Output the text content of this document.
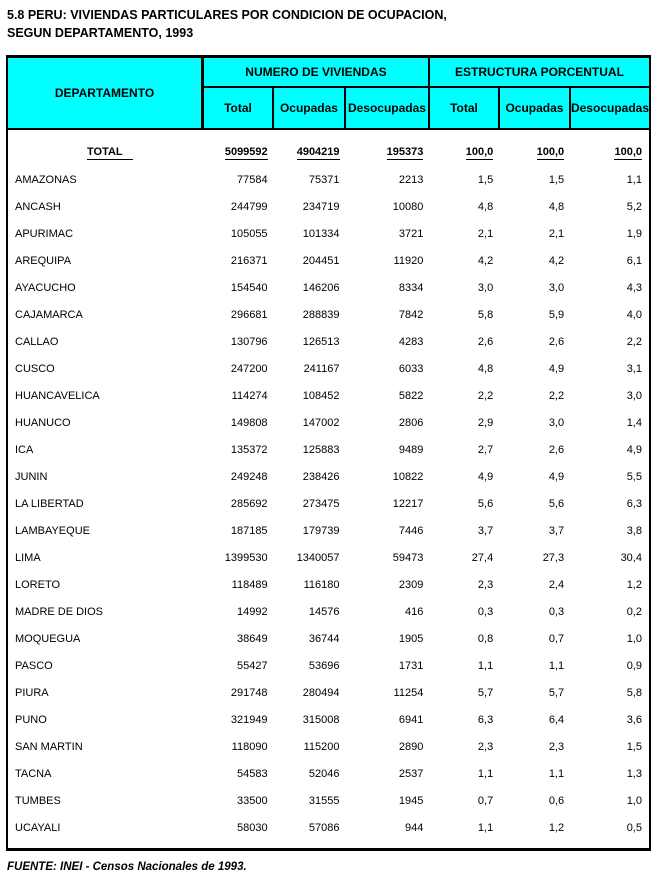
5.8 PERU: VIVIENDAS PARTICULARES POR CONDICION DE OCUPACION,
SEGUN DEPARTAMENTO, 1993
DEPARTAMENTO
NUMERO DE VIVIENDAS	ESTRUCTURA PORCENTUAL
Total	Ocupadas Desocupadas	Total	Ocupadas Desocupadas
TOTAL	5099592	4904219	195373	100,0	100,0	100,0
AMAZONAS	77584	75371	2213	1,5	1,5	1,1
ANCASH	244799	234719	10080	4,8	4,8	5,2
APURIMAC	105055	101334	3721	2,1	2,1	1,9
AREQUIPA	216371	204451	11920	4,2	4,2	6,1
AYACUCHO	154540	146206	8334	3,0	3,0	4,3
CAJAMARCA	296681	288839	7842	5,8	5,9	4,0
CALLAO	130796	126513	4283	2,6	2,6	2,2
CUSCO	247200	241167	6033	4,8	4,9	3,1
HUANCAVELICA	114274	108452	5822	2,2	2,2	3,0
HUANUCO	149808	147002	2806	2,9	3,0	1,4
ICA	135372	125883	9489	2,7	2,6	4,9
JUNIN	249248	238426	10822	4,9	4,9	5,5
LA LIBERTAD	285692	273475	12217	5,6	5,6	6,3
LAMBAYEQUE	187185	179739	7446	3,7	3,7	3,8
LIMA	1399530	1340057	59473	27,4	27,3	30,4
LORETO	118489	116180	2309	2,3	2,4	1,2
MADRE DE DIOS	14992	14576	416	0,3	0,3	0,2
MOQUEGUA	38649	36744	1905	0,8	0,7	1,0
PASCO	55427	53696	1731	1,1	1,1	0,9
PIURA	291748	280494	11254	5,7	5,7	5,8
PUNO	321949	315008	6941	6,3	6,4	3,6
SAN MARTIN	118090	115200	2890	2,3	2,3	1,5
TACNA	54583	52046	2537	1,1	1,1	1,3
TUMBES	33500	31555	1945	0,7	0,6	1,0
UCAYALI	58030	57086	944	1,1	1,2	0,5
FUENTE: INEI - Censos Nacionales de 1993.
